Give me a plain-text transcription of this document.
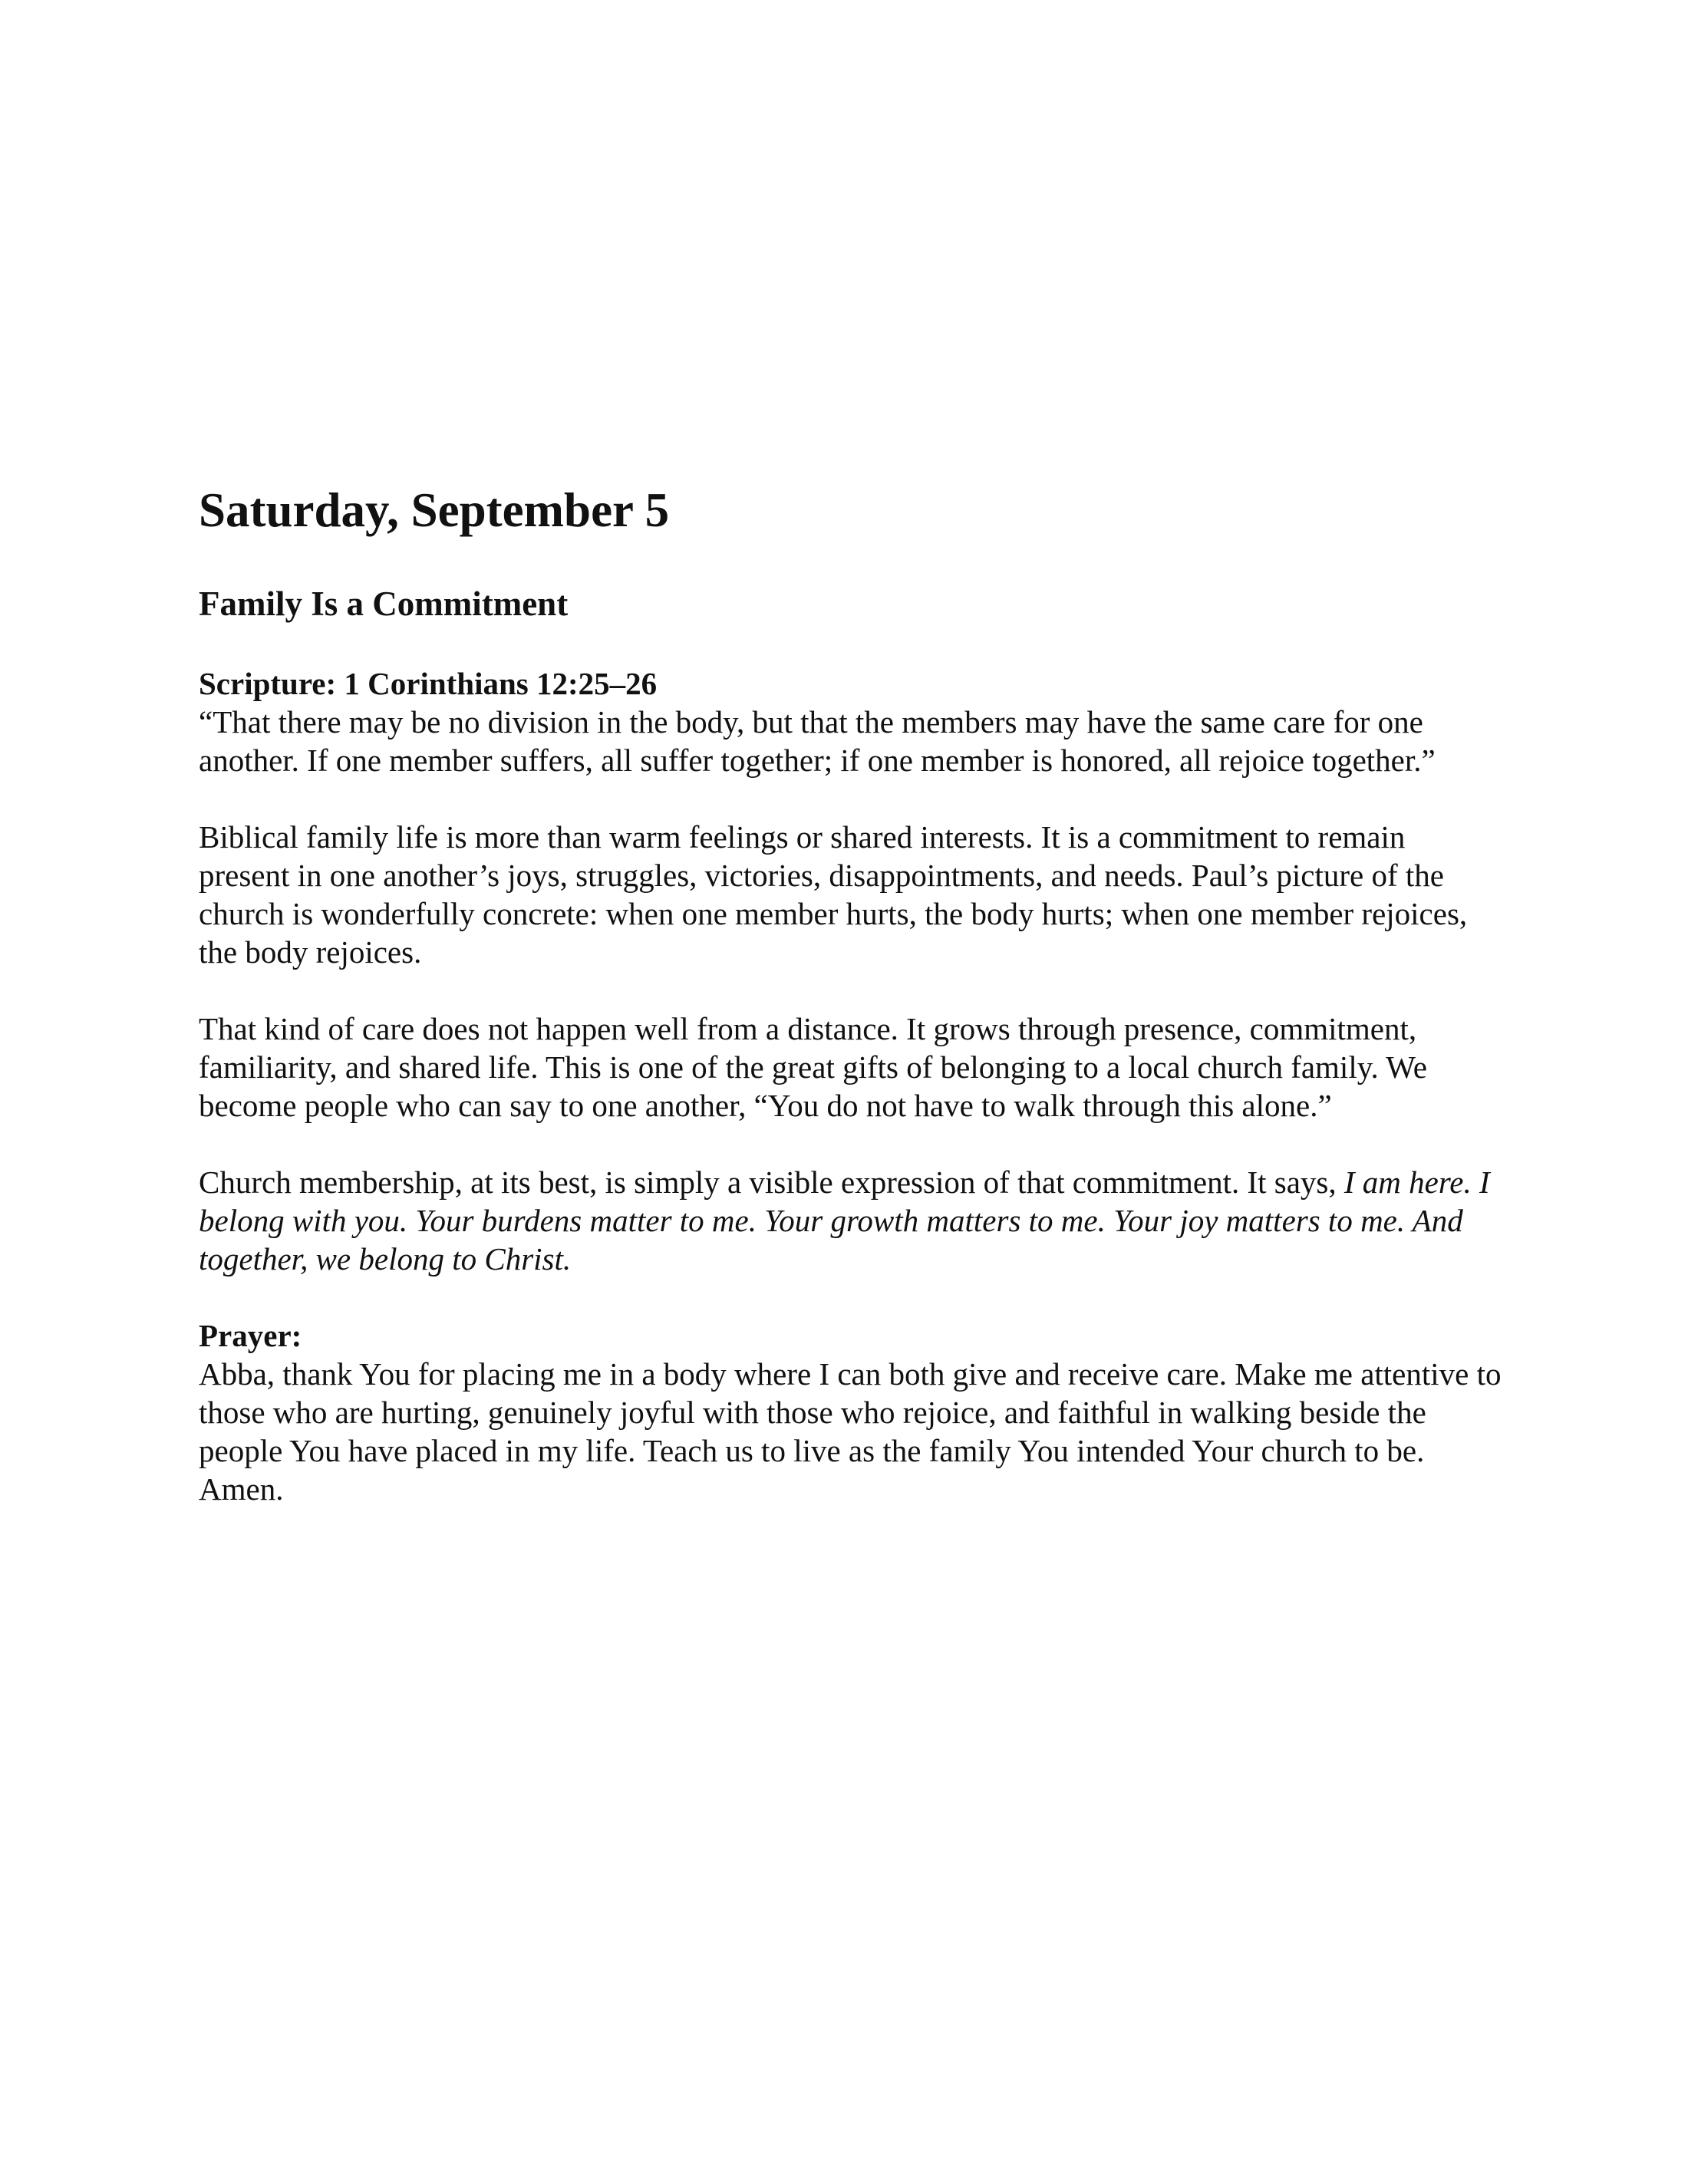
Saturday, September 5
Family Is a Commitment
Scripture: 1 Corinthians 12:25–26

“That there may be no division in the body, but that the members may have the same care for one another. If one member suffers, all suffer together; if one member is honored, all rejoice together.”

Biblical family life is more than warm feelings or shared interests. It is a commitment to remain present in one another’s joys, struggles, victories, disappointments, and needs. Paul’s picture of the church is wonderfully concrete: when one member hurts, the body hurts; when one member rejoices, the body rejoices.

That kind of care does not happen well from a distance. It grows through presence, commitment, familiarity, and shared life. This is one of the great gifts of belonging to a local church family. We become people who can say to one another, “You do not have to walk through this alone.”

Church membership, at its best, is simply a visible expression of that commitment. It says, I am here. I belong with you. Your burdens matter to me. Your growth matters to me. Your joy matters to me. And together, we belong to Christ.

Prayer:

Abba, thank You for placing me in a body where I can both give and receive care. Make me attentive to those who are hurting, genuinely joyful with those who rejoice, and faithful in walking beside the people You have placed in my life. Teach us to live as the family You intended Your church to be. Amen.
